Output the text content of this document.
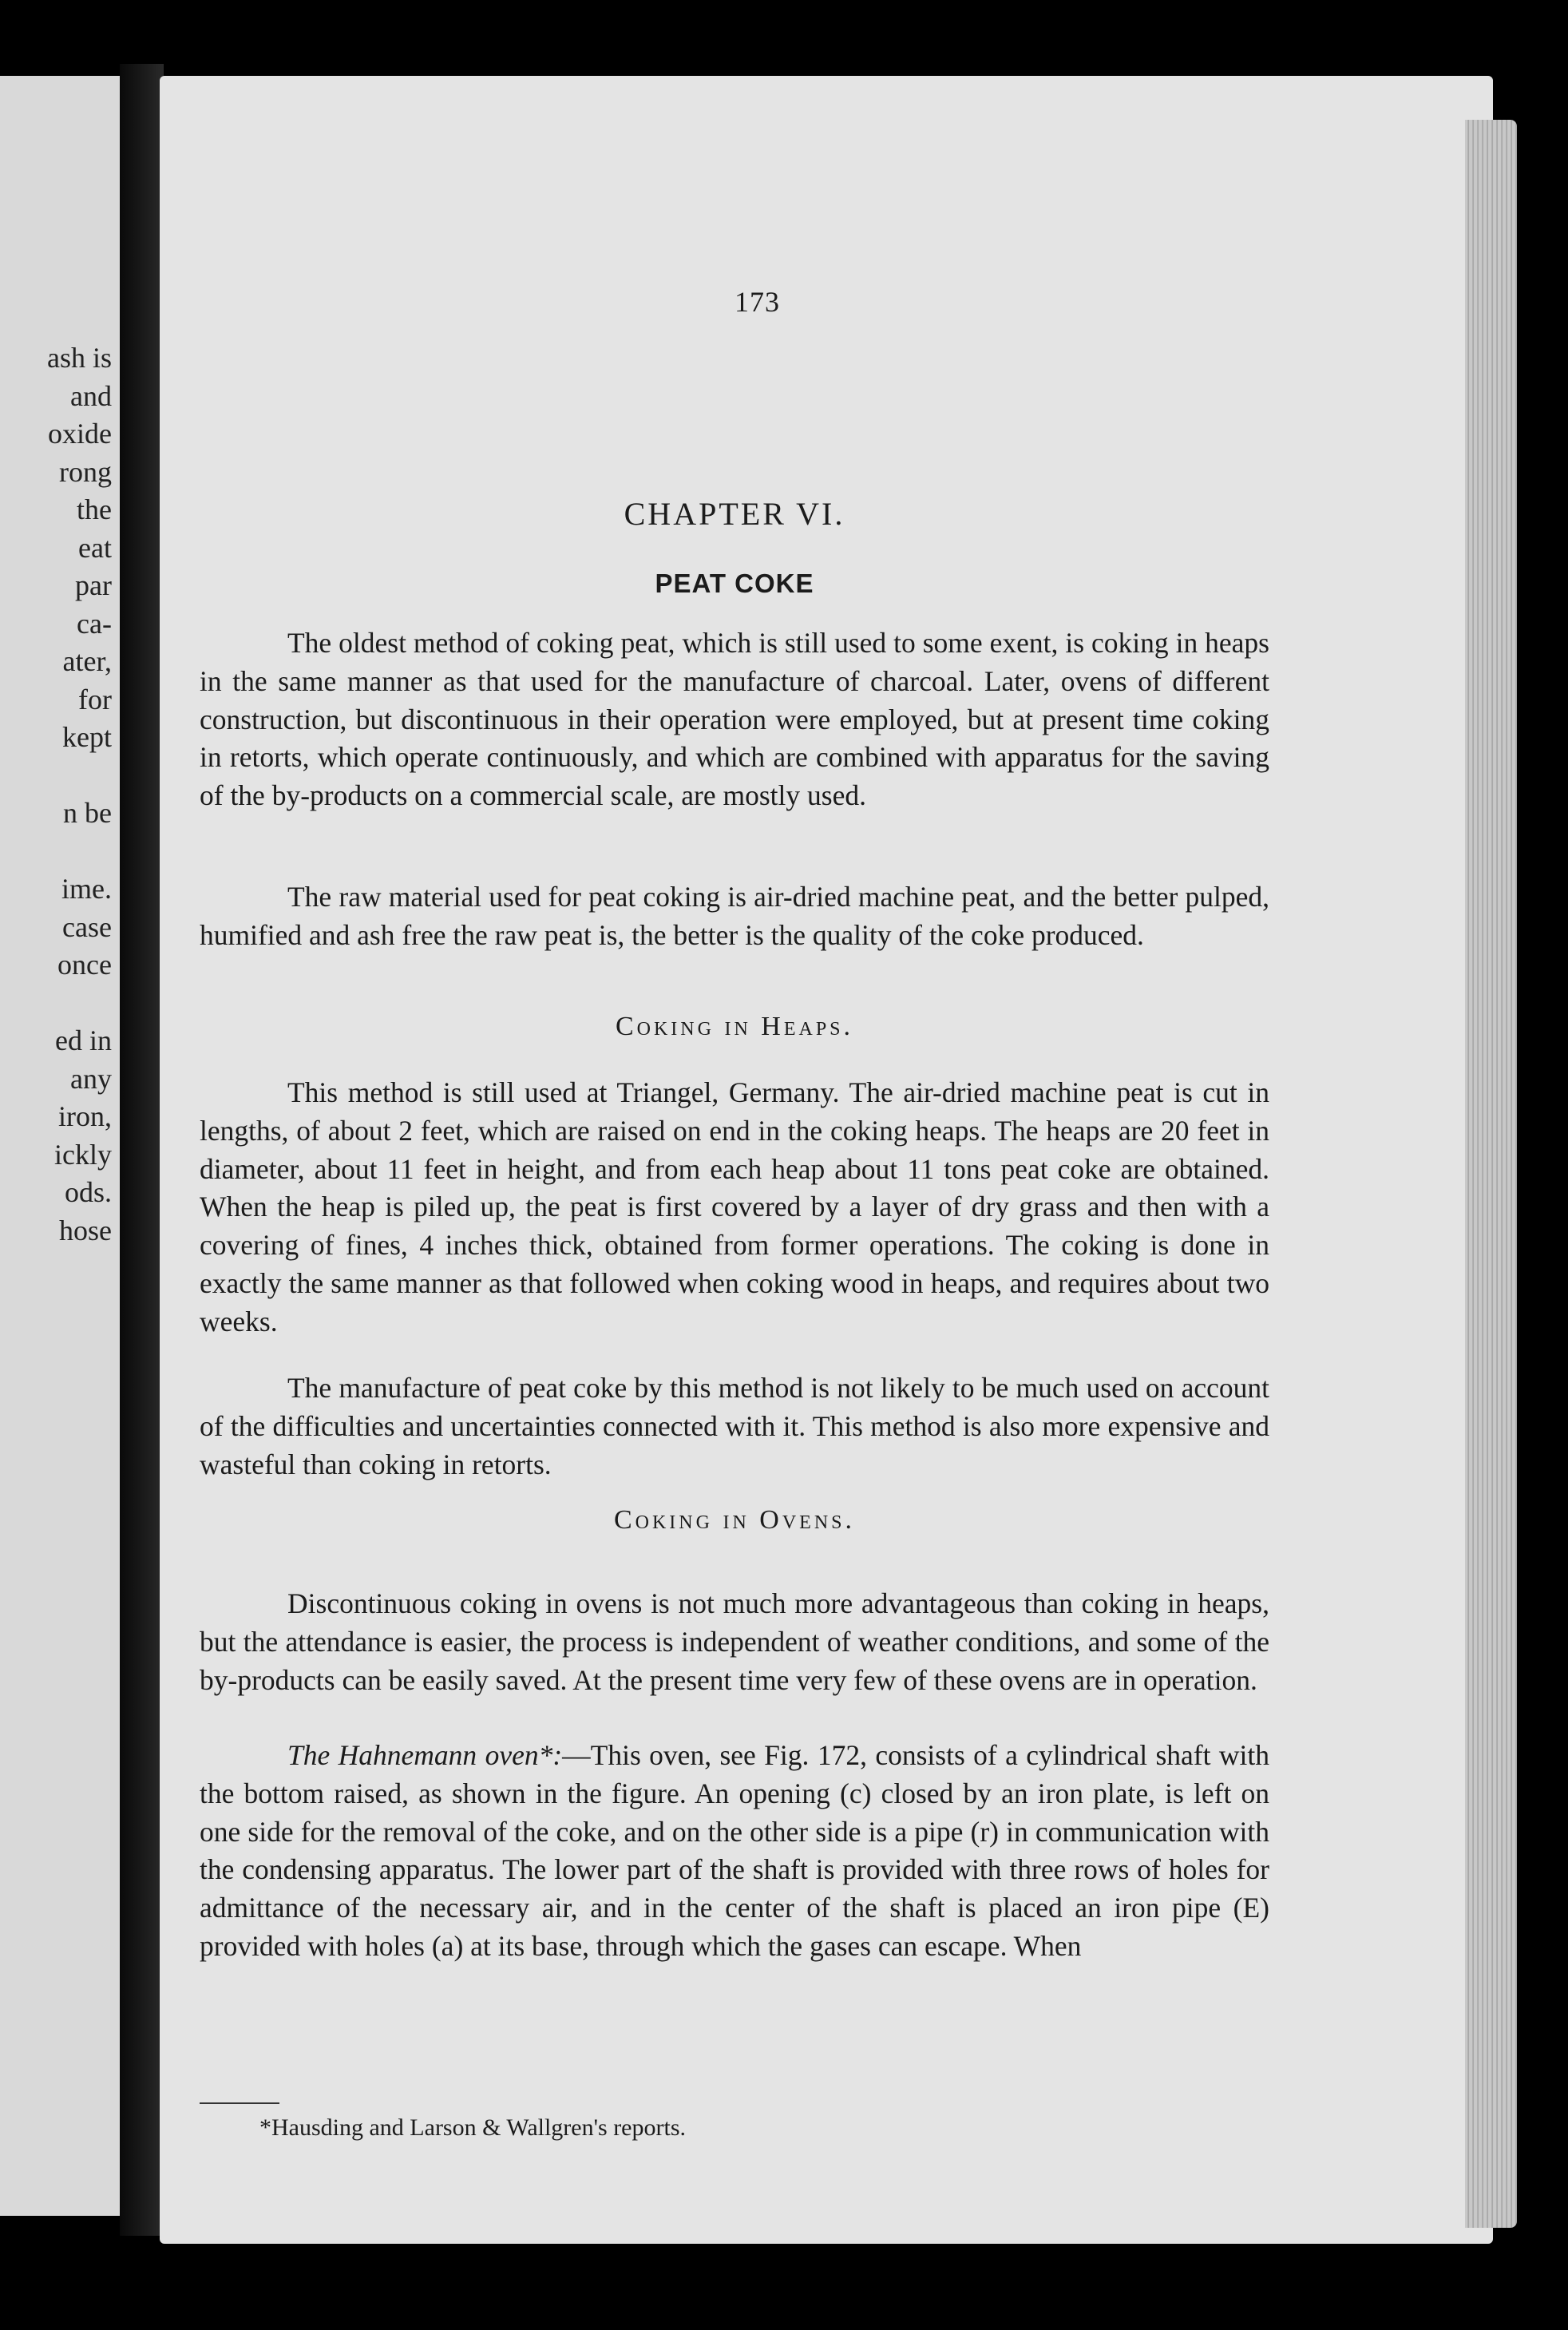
ash is
and
oxide
rong
the
eat
par
ca-
ater,
for
kept

n be

ime.
case
once

ed in
any
iron,
ickly
ods.
hose
173
CHAPTER VI.
PEAT COKE

The oldest method of coking peat, which is still used to some exent, is coking in heaps in the same manner as that used for the manufacture of charcoal. Later, ovens of different construction, but discontinuous in their operation were employed, but at present time coking in retorts, which operate continuously, and which are combined with apparatus for the saving of the by-products on a commercial scale, are mostly used.

The raw material used for peat coking is air-dried machine peat, and the better pulped, humified and ash free the raw peat is, the better is the quality of the coke produced.

Coking in Heaps.

This method is still used at Triangel, Germany. The air-dried machine peat is cut in lengths, of about 2 feet, which are raised on end in the coking heaps. The heaps are 20 feet in diameter, about 11 feet in height, and from each heap about 11 tons peat coke are obtained. When the heap is piled up, the peat is first covered by a layer of dry grass and then with a covering of fines, 4 inches thick, obtained from former operations. The coking is done in exactly the same manner as that followed when coking wood in heaps, and requires about two weeks.

The manufacture of peat coke by this method is not likely to be much used on account of the difficulties and uncertainties connected with it. This method is also more expensive and wasteful than coking in retorts.

Coking in Ovens.

Discontinuous coking in ovens is not much more advantageous than coking in heaps, but the attendance is easier, the process is independent of weather conditions, and some of the by-products can be easily saved. At the present time very few of these ovens are in operation.

The Hahnemann oven*:—This oven, see Fig. 172, consists of a cylindrical shaft with the bottom raised, as shown in the figure. An opening (c) closed by an iron plate, is left on one side for the removal of the coke, and on the other side is a pipe (r) in communication with the condensing apparatus. The lower part of the shaft is provided with three rows of holes for admittance of the necessary air, and in the center of the shaft is placed an iron pipe (E) provided with holes (a) at its base, through which the gases can escape. When

*Hausding and Larson & Wallgren's reports.
